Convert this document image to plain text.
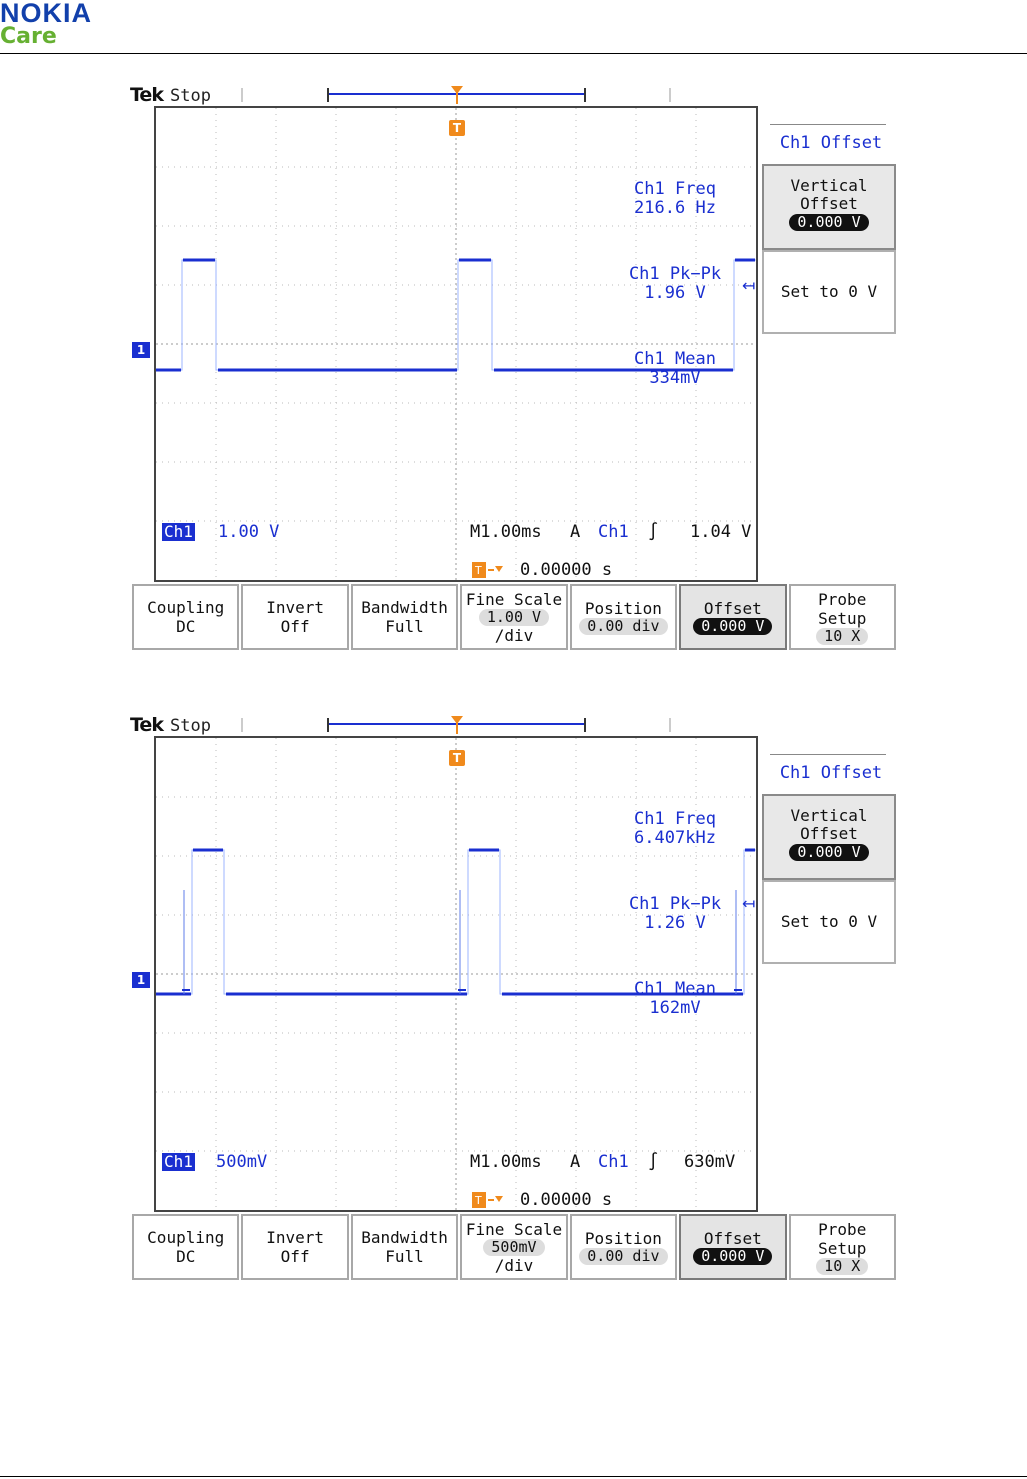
NOKIA
Care
Tek Stop
T
1
Ch1 Freq
216.6 Hz
Ch1 Pk−Pk
1.96 V
Ch1 Mean
334mV
↤
Ch1 1.00 V	M1.00ms A Ch1 ∫ 1.04 V
T 0.00000 s
Ch1 Offset
Vertical
Offset
0.000 V
Set to 0 V
Coupling
DC
Invert
Off
Bandwidth
Full
Fine Scale
1.00 V
/div
Position
0.00 div
Offset
0.000 V
Probe
Setup
10 X
Tek Stop
T
1
Ch1 Freq
6.407kHz
Ch1 Pk−Pk
1.26 V
Ch1 Mean
162mV
↤
Ch1 500mV	M1.00ms A Ch1 ∫ 630mV
T 0.00000 s
Ch1 Offset
Vertical
Offset
0.000 V
Set to 0 V
Coupling
DC
Invert
Off
Bandwidth
Full
Fine Scale
500mV
/div
Position
0.00 div
Offset
0.000 V
Probe
Setup
10 X
